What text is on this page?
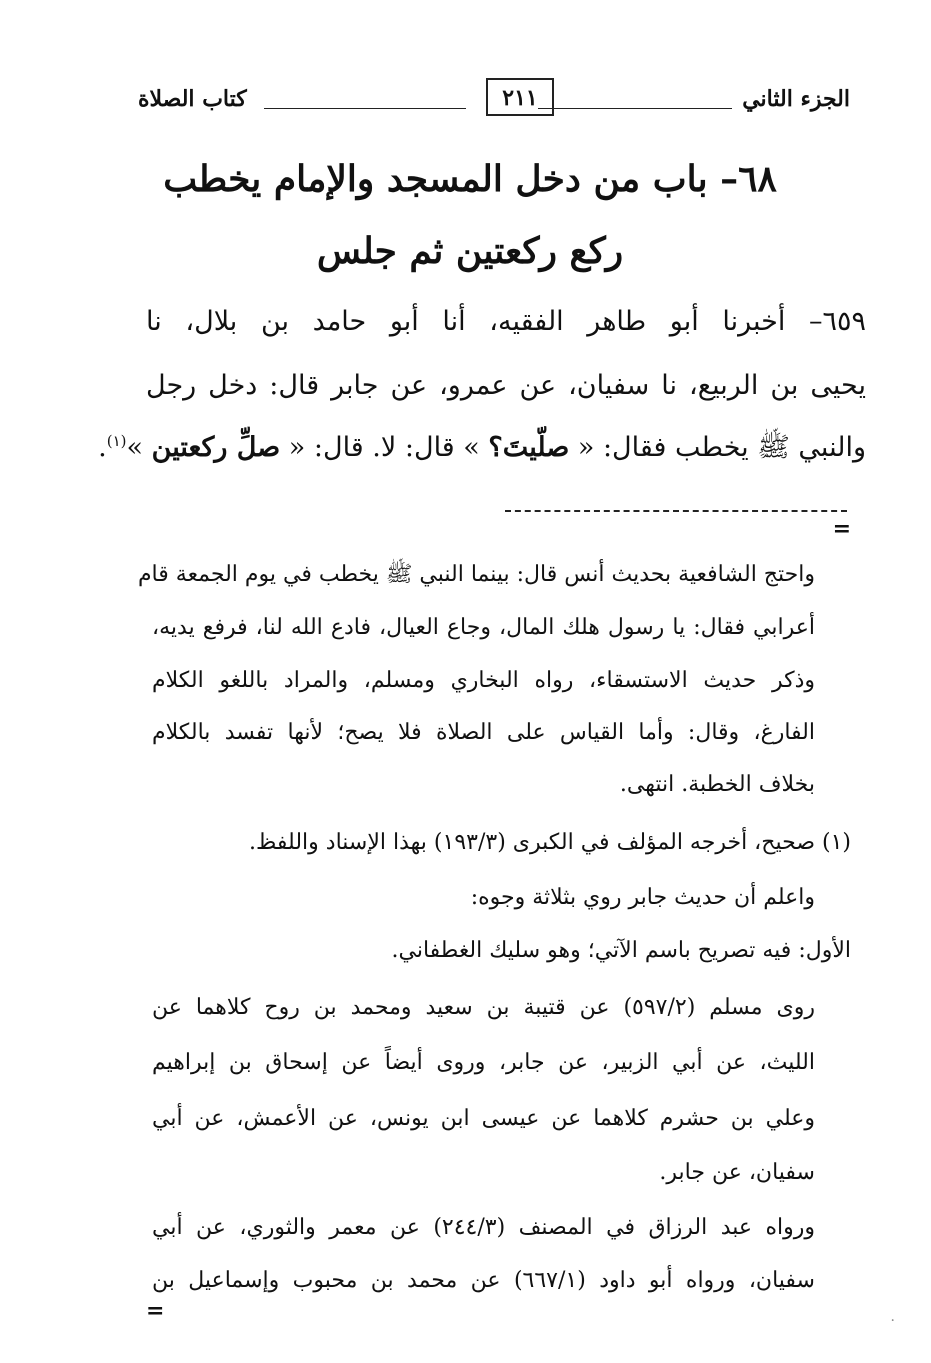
الجزء الثاني
٢١١
كتاب الصلاة
٦٨– باب من دخل المسجد والإمام يخطب
ركع ركعتين ثم جلس
٦٥٩– أخبرنا أبو طاهر الفقيه، أنا أبو حامد بن بلال، نا
يحيى بن الربيع، نا سفيان، عن عمرو، عن جابر قال: دخل رجل
والنبي ﷺ يخطب فقال: « صلّيتَ؟ » قال: لا. قال: « صلِّ ركعتين »$^{(١)}$.
=
واحتج الشافعية بحديث أنس قال: بينما النبي ﷺ يخطب في يوم الجمعة قام
أعرابي فقال: يا رسول هلك المال، وجاع العيال، فادع الله لنا، فرفع يديه،
وذكر حديث الاستسقاء، رواه البخاري ومسلم، والمراد باللغو الكلام
الفارغ، وقال: وأما القياس على الصلاة فلا يصح؛ لأنها تفسد بالكلام
بخلاف الخطبة. انتهى.
(١) صحيح، أخرجه المؤلف في الكبرى (١٩٣/٣) بهذا الإسناد واللفظ.
واعلم أن حديث جابر روي بثلاثة وجوه:
الأول: فيه تصريح باسم الآتي؛ وهو سليك الغطفاني.
روى مسلم (٥٩٧/٢) عن قتيبة بن سعيد ومحمد بن روح كلاهما عن
الليث، عن أبي الزبير، عن جابر، وروى أيضاً عن إسحاق بن إبراهيم
وعلي بن حشرم كلاهما عن عيسى ابن يونس، عن الأعمش، عن أبي
سفيان، عن جابر.
ورواه عبد الرزاق في المصنف (٢٤٤/٣) عن معمر والثوري، عن أبي
سفيان، ورواه أبو داود (٦٦٧/١) عن محمد بن محبوب وإسماعيل بن
=	·
